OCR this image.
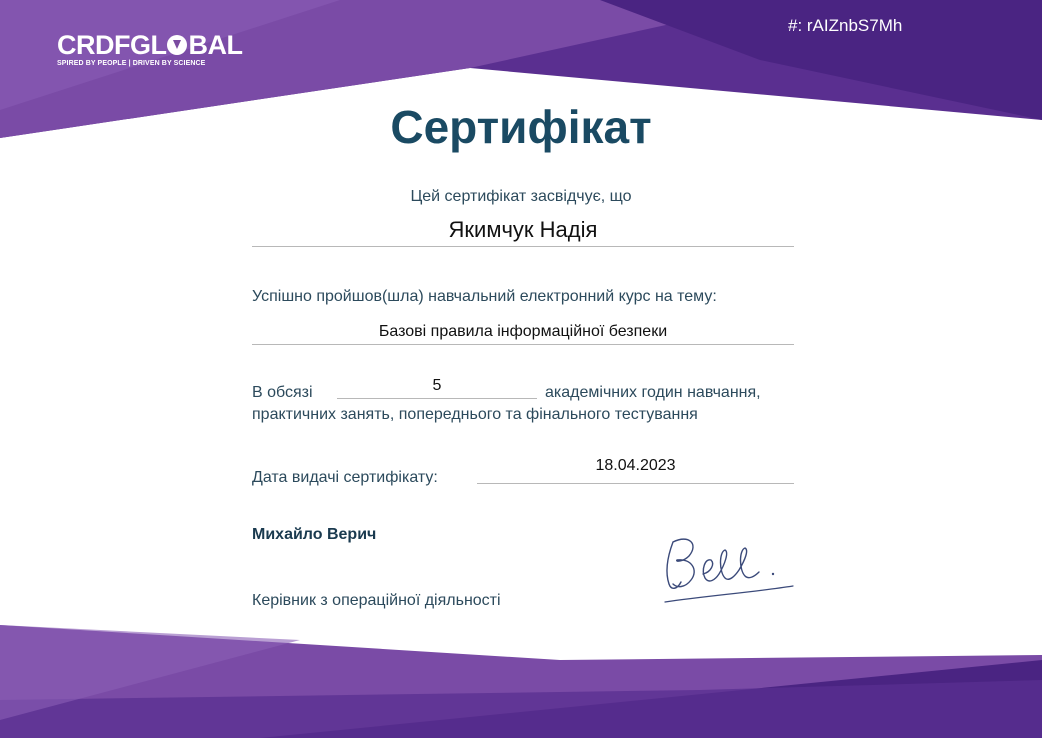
CRDFGL BAL
SPIRED BY PEOPLE | DRIVEN BY SCIENCE
#: rAIZnbS7Mh
Сертифікат
Цей сертифікат засвідчує, що
Якимчук Надія
Успішно пройшов(шла) навчальний електронний курс на тему:
Базові правила інформаційної безпеки
В обсязі	5	академічних годин навчання,
практичних занять, попереднього та фінального тестування
Дата видачі сертифікату:
18.04.2023
Михайло Верич
Керівник з операційної діяльності
